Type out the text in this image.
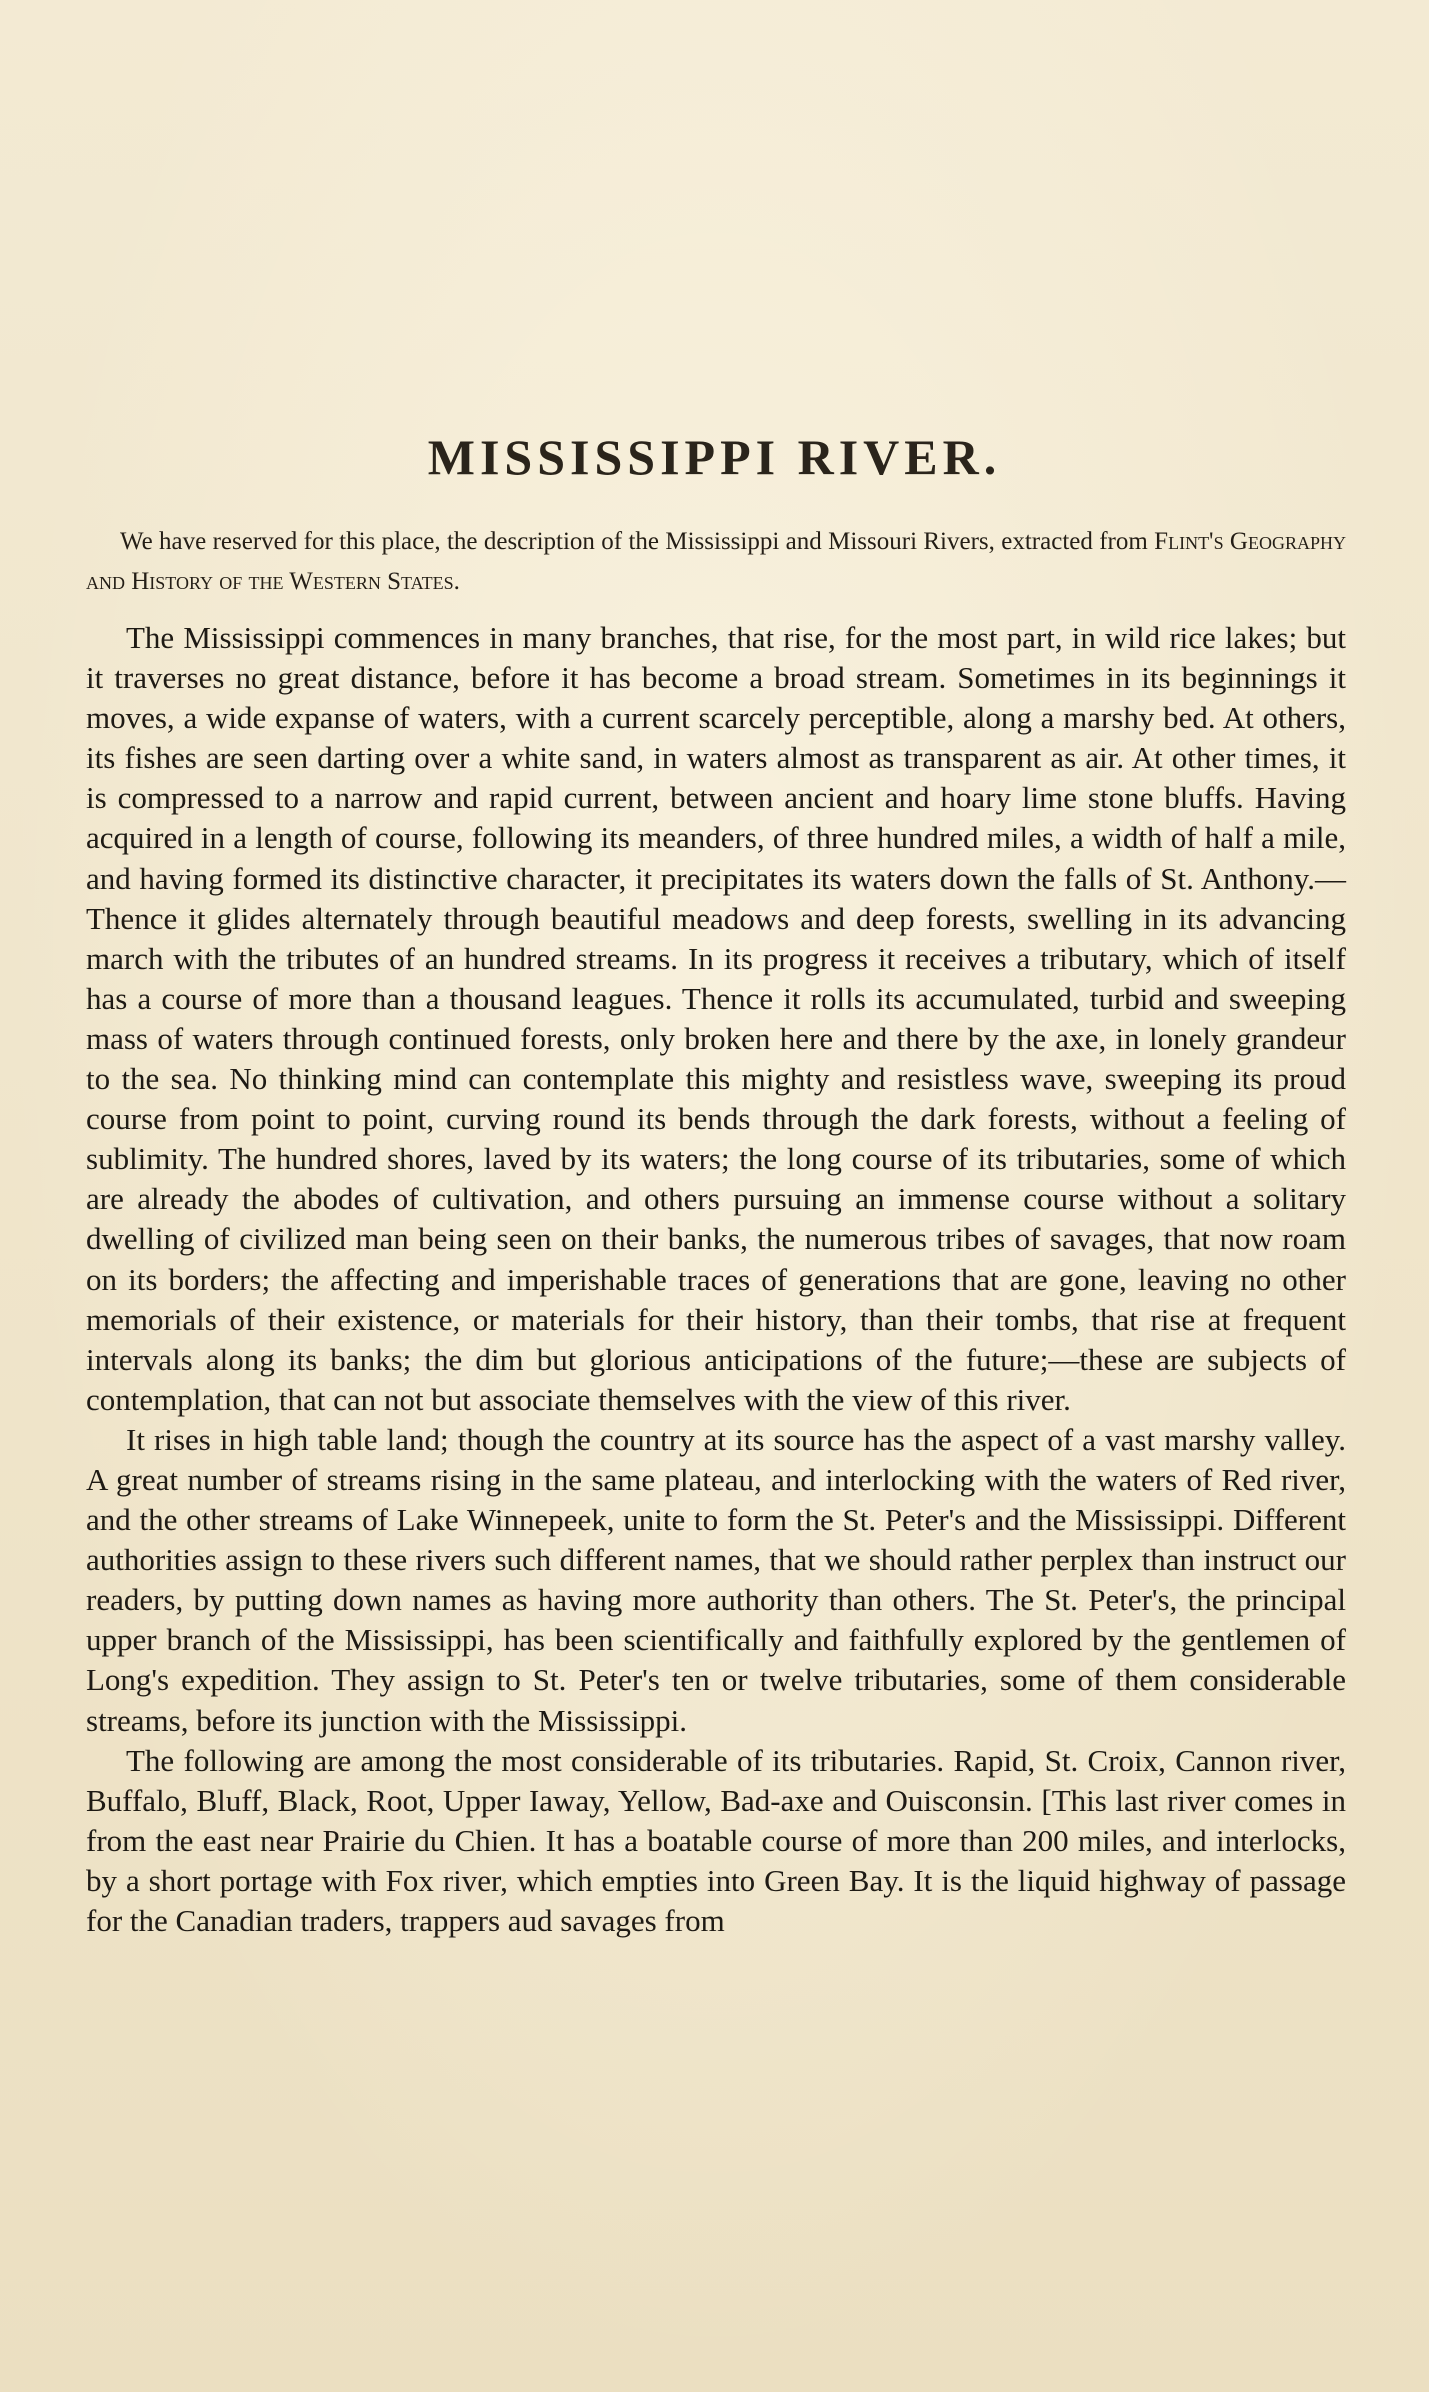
MISSISSIPPI RIVER.
We have reserved for this place, the description of the Mississippi and Missouri Rivers, extracted from Flint's Geography and History of the Western States.

The Mississippi commences in many branches, that rise, for the most part, in wild rice lakes; but it traverses no great distance, before it has become a broad stream. Sometimes in its beginnings it moves, a wide expanse of waters, with a current scarcely perceptible, along a marshy bed. At others, its fishes are seen darting over a white sand, in waters almost as transparent as air. At other times, it is compressed to a narrow and rapid current, between ancient and hoary lime stone bluffs. Having acquired in a length of course, following its meanders, of three hundred miles, a width of half a mile, and having formed its distinctive character, it precipitates its waters down the falls of St. Anthony.—Thence it glides alternately through beautiful meadows and deep forests, swelling in its advancing march with the tributes of an hundred streams. In its progress it receives a tributary, which of itself has a course of more than a thousand leagues. Thence it rolls its accumulated, turbid and sweeping mass of waters through continued forests, only broken here and there by the axe, in lonely grandeur to the sea. No thinking mind can contemplate this mighty and resistless wave, sweeping its proud course from point to point, curving round its bends through the dark forests, without a feeling of sublimity. The hundred shores, laved by its waters; the long course of its tributaries, some of which are already the abodes of cultivation, and others pursuing an immense course without a solitary dwelling of civilized man being seen on their banks, the numerous tribes of savages, that now roam on its borders; the affecting and imperishable traces of generations that are gone, leaving no other memorials of their existence, or materials for their history, than their tombs, that rise at frequent intervals along its banks; the dim but glorious anticipations of the future;—these are subjects of contemplation, that can not but associate themselves with the view of this river.

It rises in high table land; though the country at its source has the aspect of a vast marshy valley. A great number of streams rising in the same plateau, and interlocking with the waters of Red river, and the other streams of Lake Winnepeek, unite to form the St. Peter's and the Mississippi. Different authorities assign to these rivers such different names, that we should rather perplex than instruct our readers, by putting down names as having more authority than others. The St. Peter's, the principal upper branch of the Mississippi, has been scientifically and faithfully explored by the gentlemen of Long's expedition. They assign to St. Peter's ten or twelve tributaries, some of them considerable streams, before its junction with the Mississippi.

The following are among the most considerable of its tributaries. Rapid, St. Croix, Cannon river, Buffalo, Bluff, Black, Root, Upper Iaway, Yellow, Bad-axe and Ouisconsin. [This last river comes in from the east near Prairie du Chien. It has a boatable course of more than 200 miles, and interlocks, by a short portage with Fox river, which empties into Green Bay. It is the liquid highway of passage for the Canadian traders, trappers aud savages from
